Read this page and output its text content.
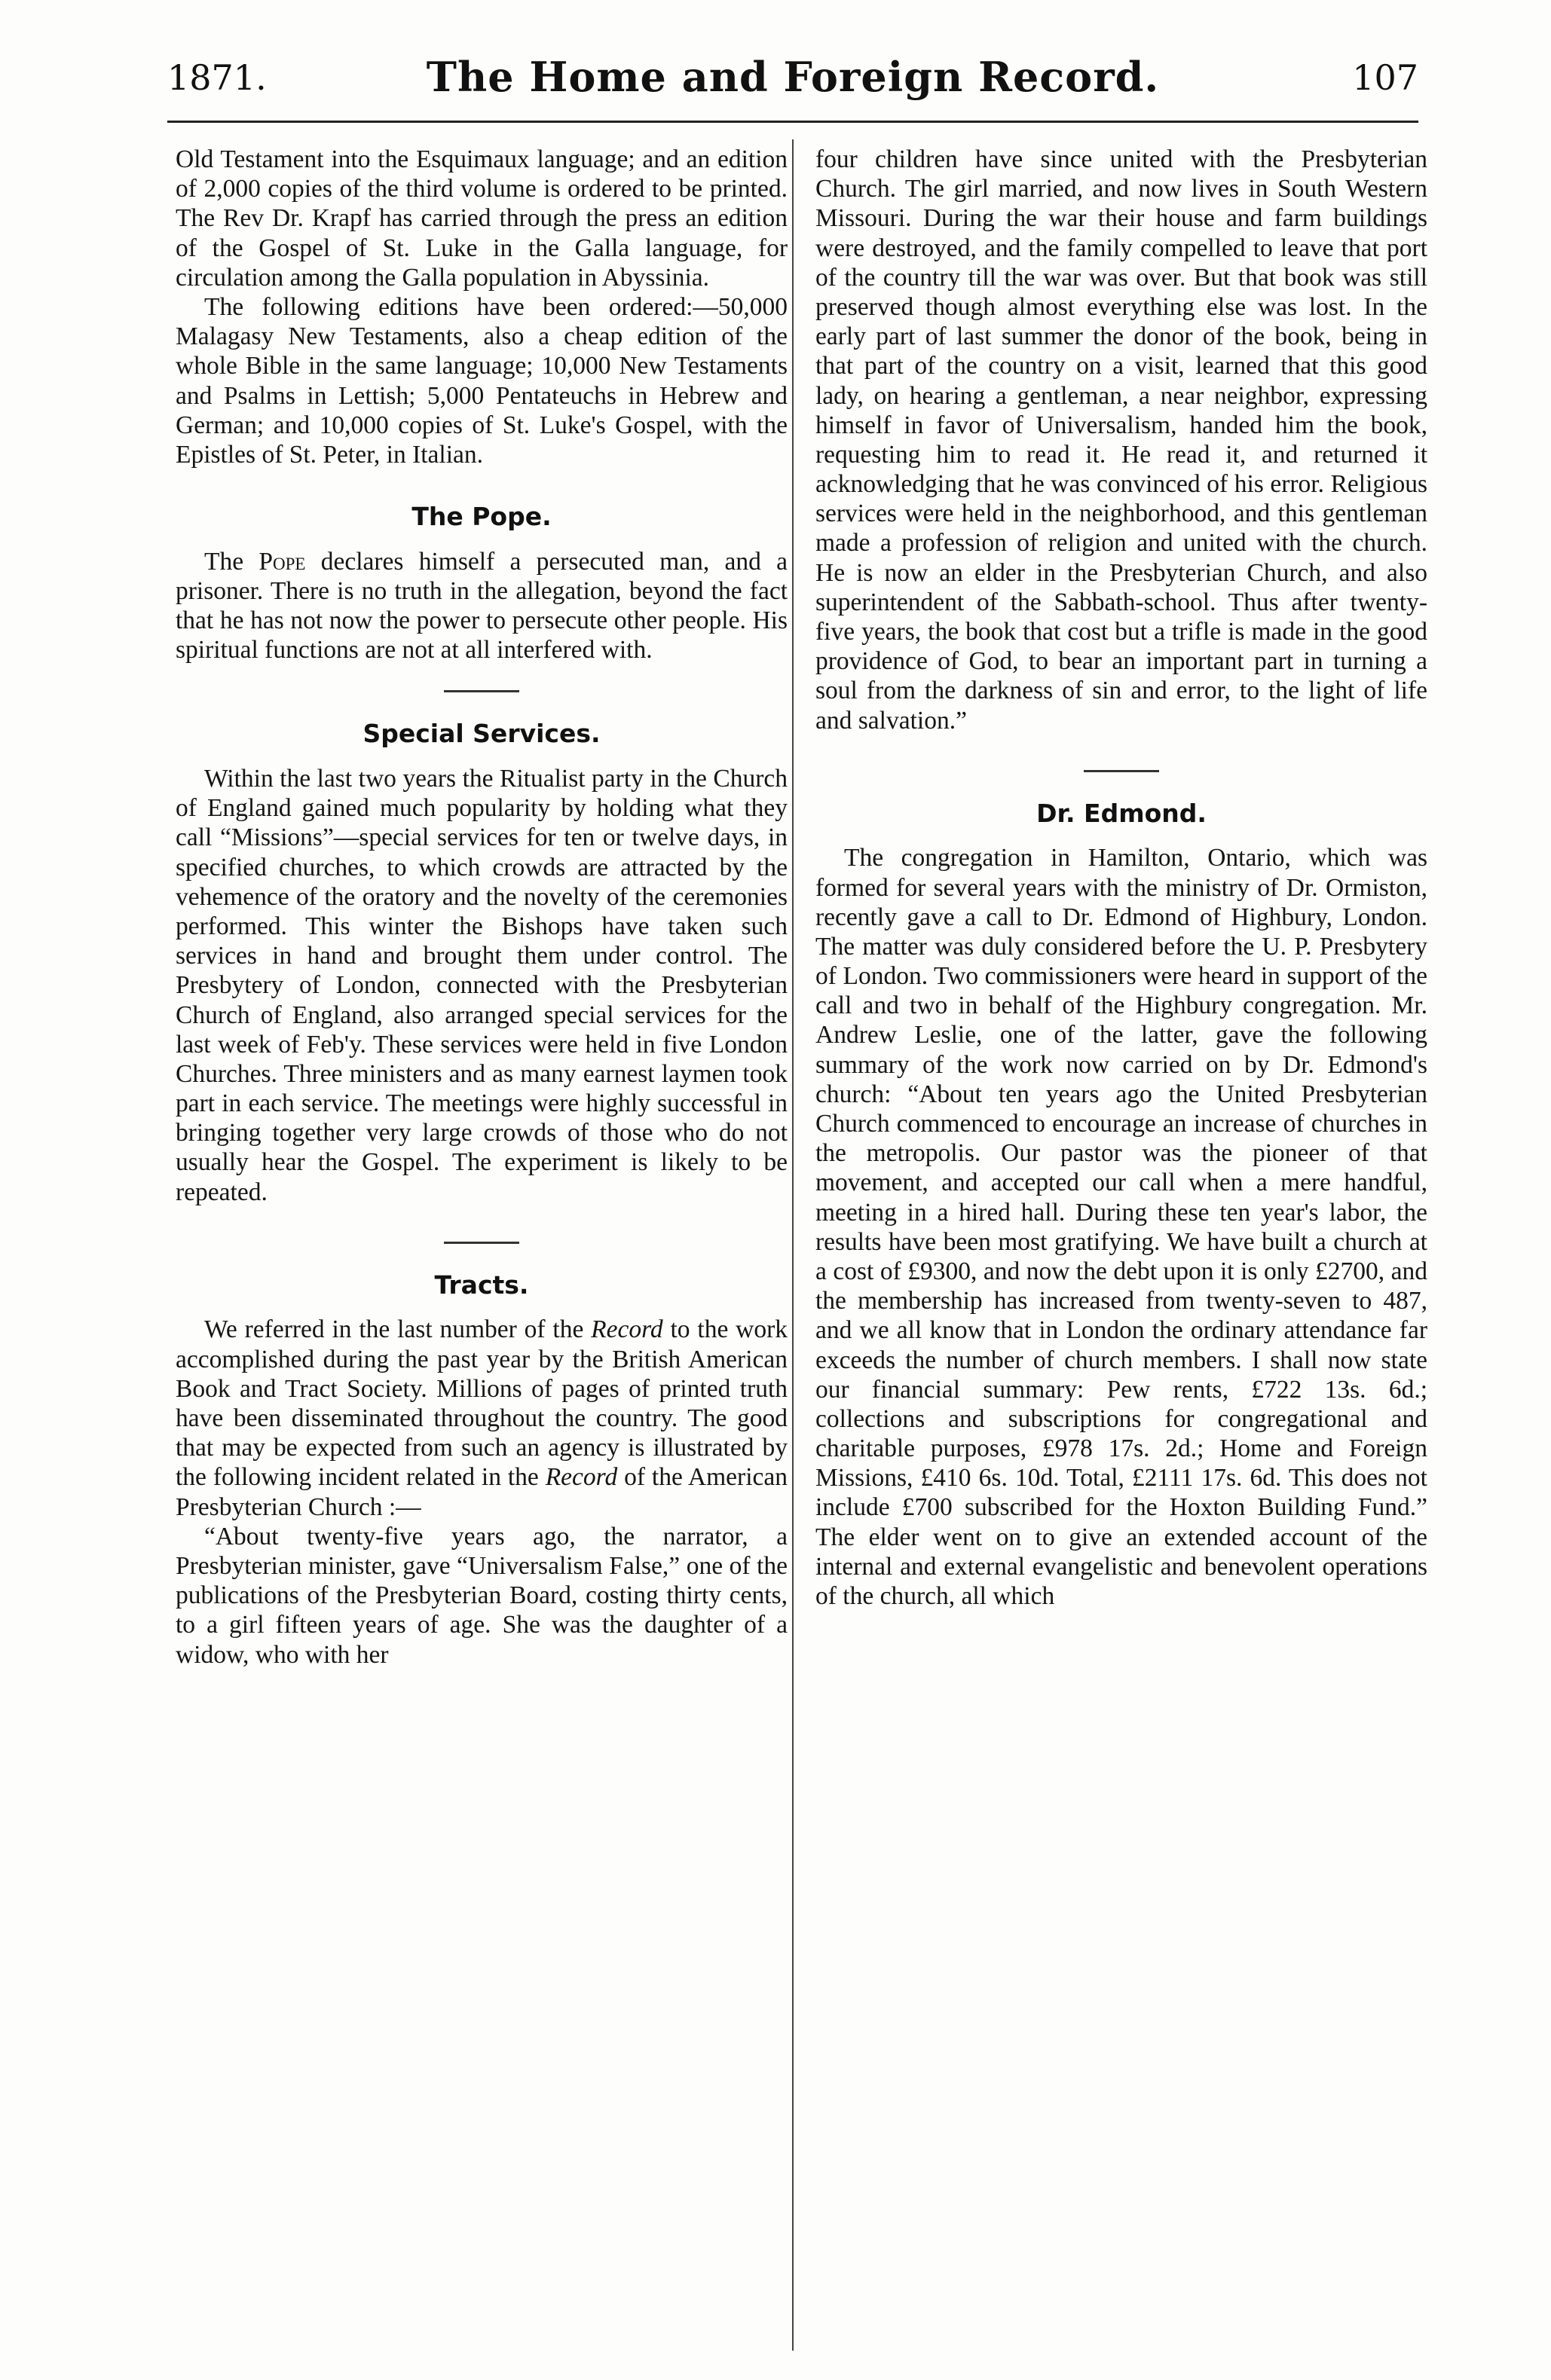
1871.	The Home and Foreign Record.	107

Old Testament into the Esquimaux language; and an edition of 2,000 copies of the third volume is ordered to be printed. The Rev Dr. Krapf has carried through the press an edition of the Gospel of St. Luke in the Galla language, for circulation among the Galla population in Abyssinia.

The following editions have been ordered:—50,000 Malagasy New Testaments, also a cheap edition of the whole Bible in the same language; 10,000 New Testaments and Psalms in Lettish; 5,000 Pentateuchs in Hebrew and German; and 10,000 copies of St. Luke's Gospel, with the Epistles of St. Peter, in Italian.

The Pope.

The Pope declares himself a persecuted man, and a prisoner. There is no truth in the allegation, beyond the fact that he has not now the power to persecute other people. His spiritual functions are not at all interfered with.

Special Services.

Within the last two years the Ritualist party in the Church of England gained much popularity by holding what they call “Missions”—special services for ten or twelve days, in specified churches, to which crowds are attracted by the vehemence of the oratory and the novelty of the ceremonies performed. This winter the Bishops have taken such services in hand and brought them under control. The Presbytery of London, connected with the Presbyterian Church of England, also arranged special services for the last week of Feb'y. These services were held in five London Churches. Three ministers and as many earnest laymen took part in each service. The meetings were highly successful in bringing together very large crowds of those who do not usually hear the Gospel. The experiment is likely to be repeated.

Tracts.

We referred in the last number of the Record to the work accomplished during the past year by the British American Book and Tract Society. Millions of pages of printed truth have been disseminated throughout the country. The good that may be expected from such an agency is illustrated by the following incident related in the Record of the American Presbyterian Church :—

“About twenty-five years ago, the narrator, a Presbyterian minister, gave “Universalism False,” one of the publications of the Presbyterian Board, costing thirty cents, to a girl fifteen years of age. She was the daughter of a widow, who with her

four children have since united with the Presbyterian Church. The girl married, and now lives in South Western Missouri. During the war their house and farm buildings were destroyed, and the family compelled to leave that port of the country till the war was over. But that book was still preserved though almost everything else was lost. In the early part of last summer the donor of the book, being in that part of the country on a visit, learned that this good lady, on hearing a gentleman, a near neighbor, expressing himself in favor of Universalism, handed him the book, requesting him to read it. He read it, and returned it acknowledging that he was convinced of his error. Religious services were held in the neighborhood, and this gentleman made a profession of religion and united with the church. He is now an elder in the Presbyterian Church, and also superintendent of the Sabbath-school. Thus after twenty-five years, the book that cost but a trifle is made in the good providence of God, to bear an important part in turning a soul from the darkness of sin and error, to the light of life and salvation.”

Dr. Edmond.

The congregation in Hamilton, Ontario, which was formed for several years with the ministry of Dr. Ormiston, recently gave a call to Dr. Edmond of Highbury, London. The matter was duly considered before the U. P. Presbytery of London. Two commissioners were heard in support of the call and two in behalf of the Highbury congregation. Mr. Andrew Leslie, one of the latter, gave the following summary of the work now carried on by Dr. Edmond's church: “About ten years ago the United Presbyterian Church commenced to encourage an increase of churches in the metropolis. Our pastor was the pioneer of that movement, and accepted our call when a mere handful, meeting in a hired hall. During these ten year's labor, the results have been most gratifying. We have built a church at a cost of £9300, and now the debt upon it is only £2700, and the membership has increased from twenty-seven to 487, and we all know that in London the ordinary attendance far exceeds the number of church members. I shall now state our financial summary: Pew rents, £722 13s. 6d.; collections and subscriptions for congregational and charitable purposes, £978 17s. 2d.; Home and Foreign Missions, £410 6s. 10d. Total, £2111 17s. 6d. This does not include £700 subscribed for the Hoxton Building Fund.” The elder went on to give an extended account of the internal and external evangelistic and benevolent operations of the church, all which
